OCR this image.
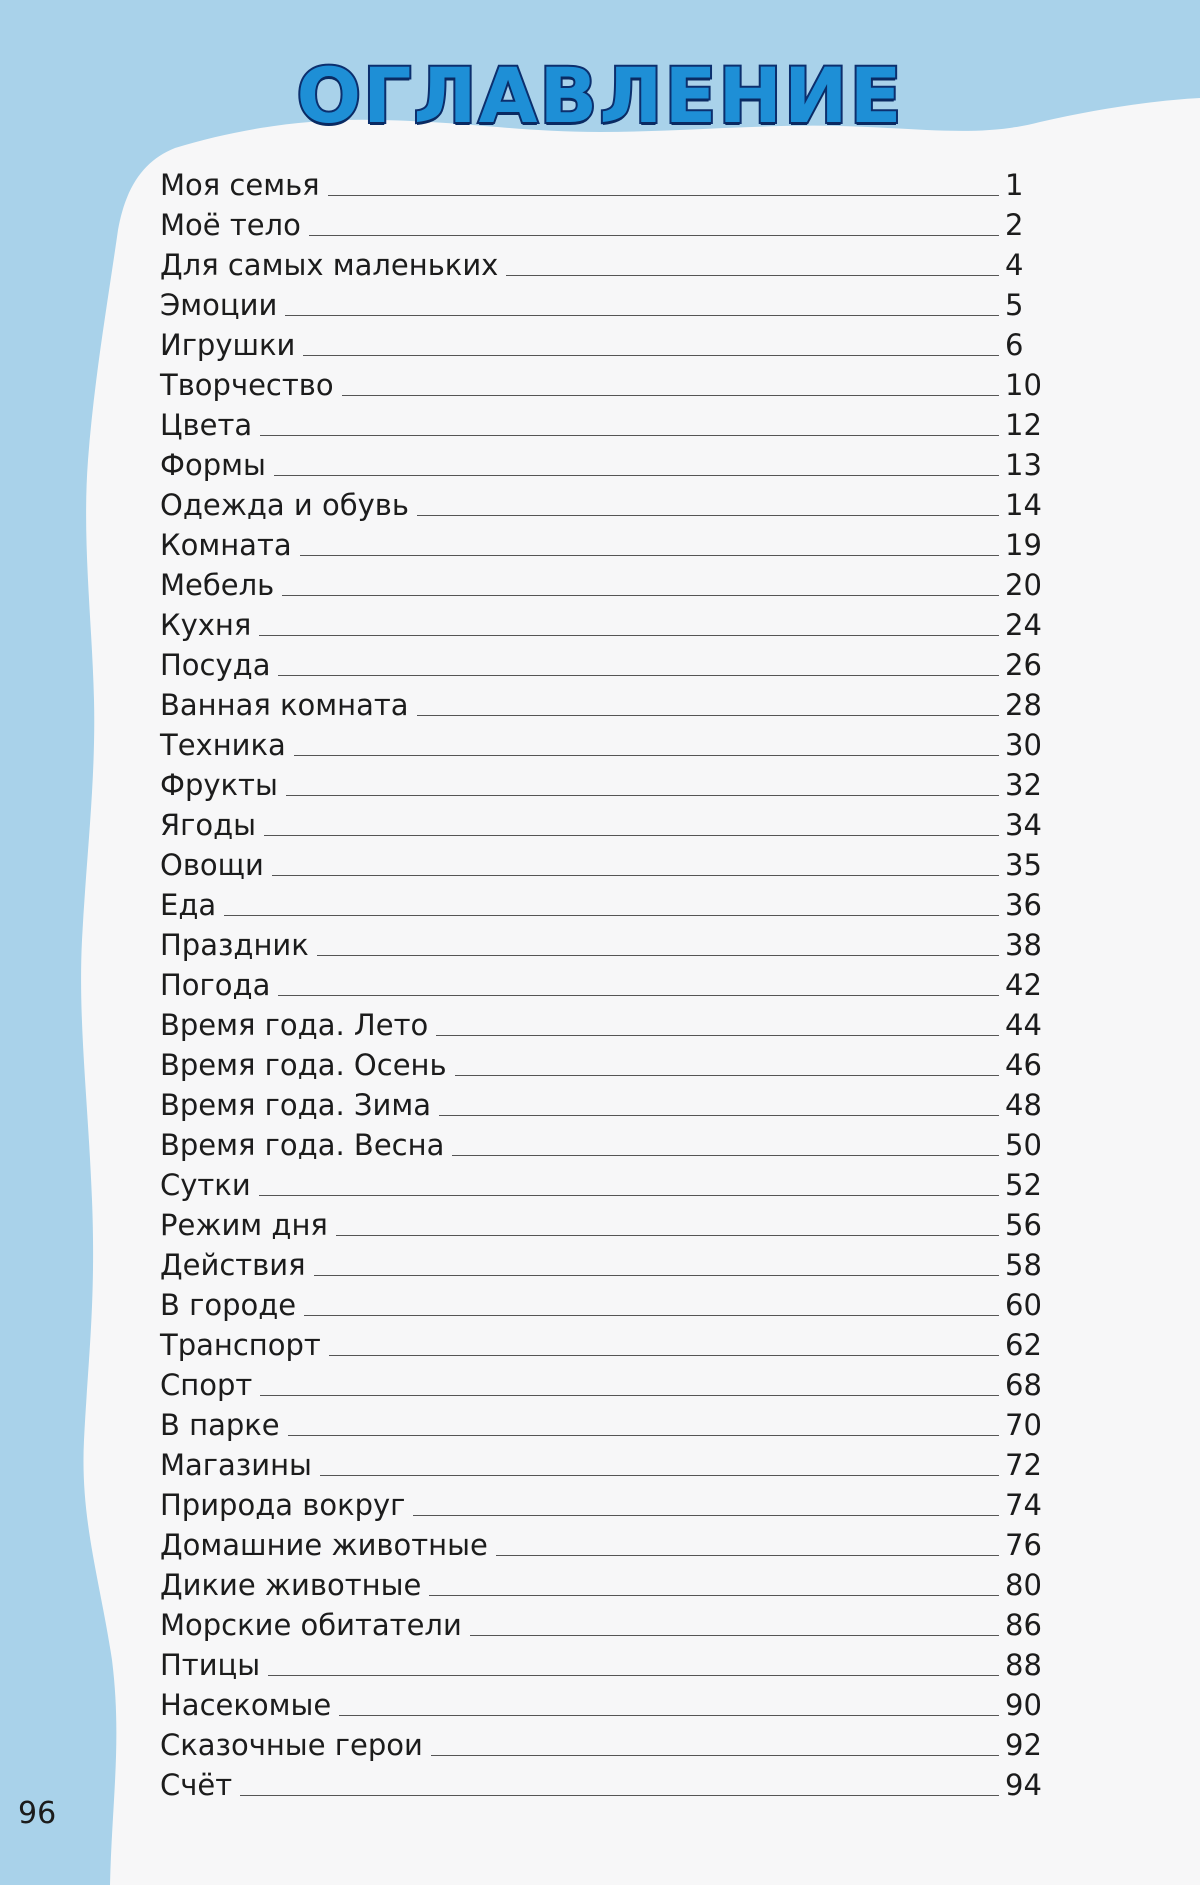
ОГЛАВЛЕНИЕ
Моя семья	1
Моё тело	2
Для самых маленьких	4
Эмоции	5
Игрушки	6
Творчество	10
Цвета	12
Формы	13
Одежда и обувь	14
Комната	19
Мебель	20
Кухня	24
Посуда	26
Ванная комната	28
Техника	30
Фрукты	32
Ягоды	34
Овощи	35
Еда	36
Праздник	38
Погода	42
Время года. Лето	44
Время года. Осень	46
Время года. Зима	48
Время года. Весна	50
Сутки	52
Режим дня	56
Действия	58
В городе	60
Транспорт	62
Спорт	68
В парке	70
Магазины	72
Природа вокруг	74
Домашние животные	76
Дикие животные	80
Морские обитатели	86
Птицы	88
Насекомые	90
Сказочные герои	92
Счёт	94
96
